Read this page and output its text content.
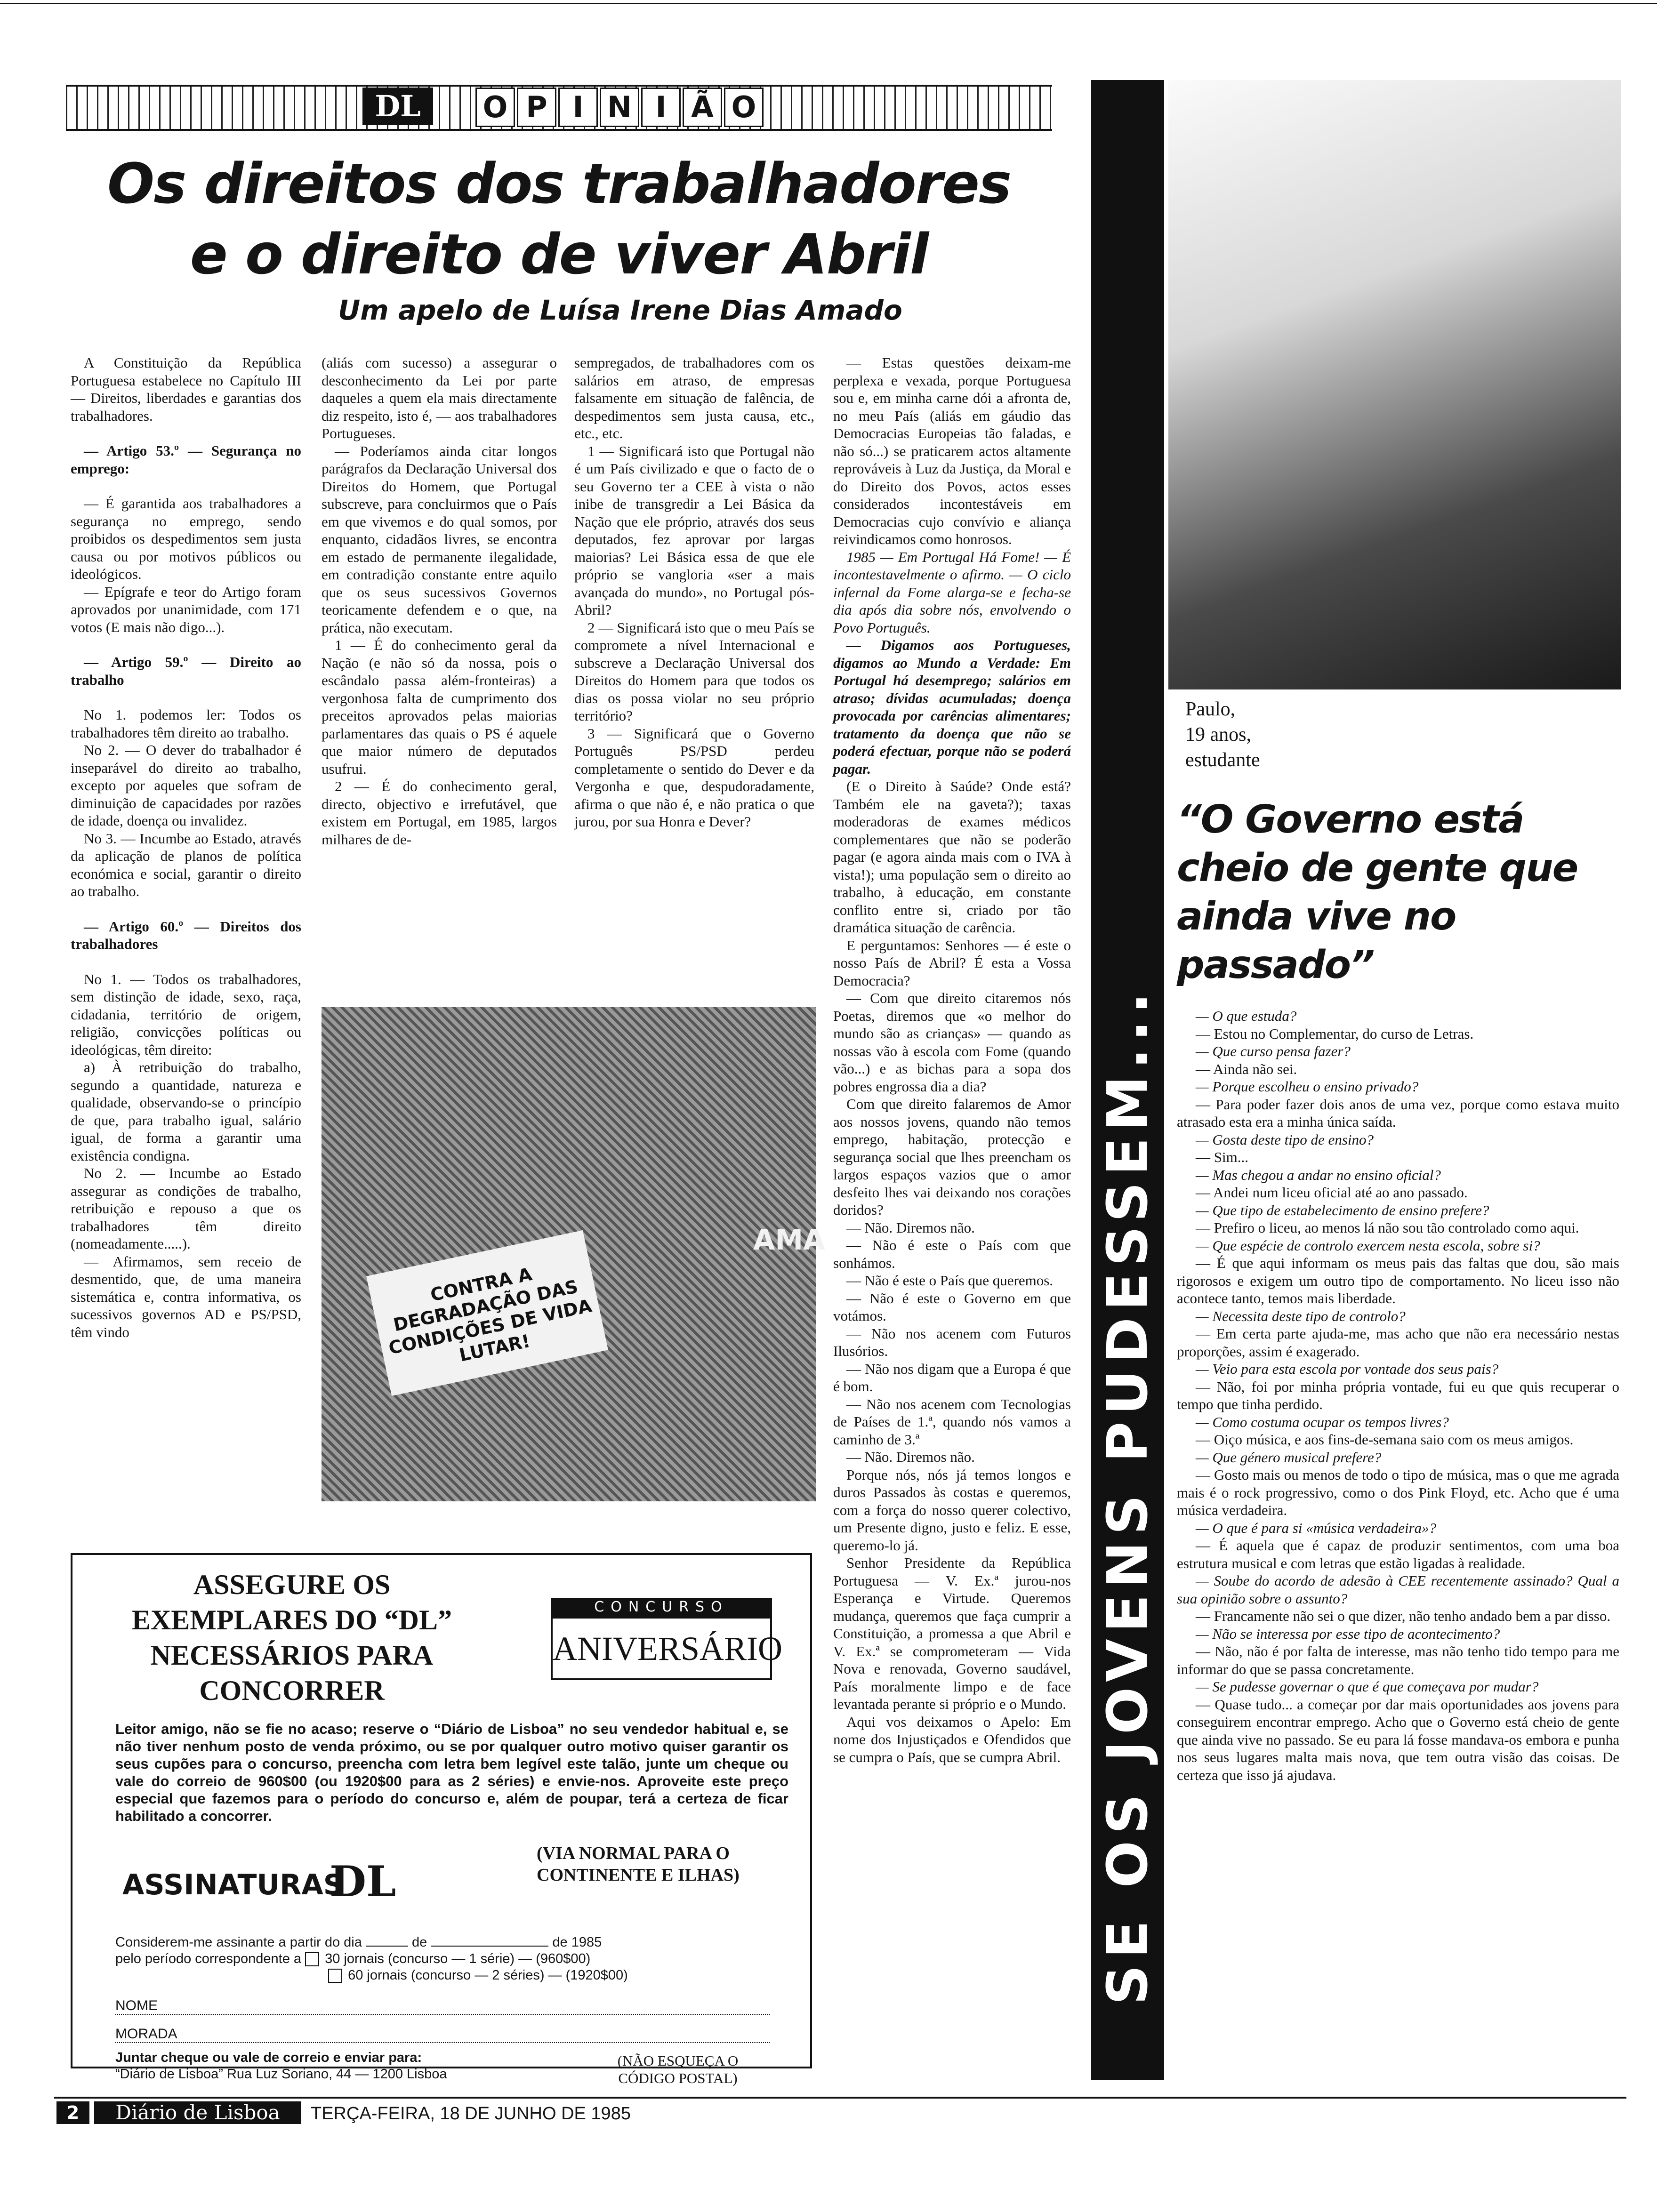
DL	O P I N I Ã O
Os direitos dos trabalhadores
e o direito de viver Abril
Um apelo de Luísa Irene Dias Amado

A Constituição da República Portuguesa estabelece no Capítulo III — Direitos, liberdades e garantias dos trabalhadores.

— Artigo 53.º — Segurança no emprego:

— É garantida aos trabalhadores a segurança no emprego, sendo proibidos os despedimentos sem justa causa ou por motivos públicos ou ideológicos.

— Epígrafe e teor do Artigo foram aprovados por unanimidade, com 171 votos (E mais não digo...).

— Artigo 59.º — Direito ao trabalho

No 1. podemos ler: Todos os trabalhadores têm direito ao trabalho.

No 2. — O dever do trabalhador é inseparável do direito ao trabalho, excepto por aqueles que sofram de diminuição de capacidades por razões de idade, doença ou invalidez.

No 3. — Incumbe ao Estado, através da aplicação de planos de política económica e social, garantir o direito ao trabalho.

— Artigo 60.º — Direitos dos trabalhadores

No 1. — Todos os trabalhadores, sem distinção de idade, sexo, raça, cidadania, território de origem, religião, convicções políticas ou ideológicas, têm direito:

a) À retribuição do trabalho, segundo a quantidade, natureza e qualidade, observando-se o princípio de que, para trabalho igual, salário igual, de forma a garantir uma existência condigna.

No 2. — Incumbe ao Estado assegurar as condições de trabalho, retribuição e repouso a que os trabalhadores têm direito (nomeadamente.....).

— Afirmamos, sem receio de desmentido, que, de uma maneira sistemática e, contra informativa, os sucessivos governos AD e PS/PSD, têm vindo

(aliás com sucesso) a assegurar o desconhecimento da Lei por parte daqueles a quem ela mais directamente diz respeito, isto é, — aos trabalhadores Portugueses.

— Poderíamos ainda citar longos parágrafos da Declaração Universal dos Direitos do Homem, que Portugal subscreve, para concluirmos que o País em que vivemos e do qual somos, por enquanto, cidadãos livres, se encontra em estado de permanente ilegalidade, em contradição constante entre aquilo que os seus sucessivos Governos teoricamente defendem e o que, na prática, não executam.

1 — É do conhecimento geral da Nação (e não só da nossa, pois o escândalo passa além-fronteiras) a vergonhosa falta de cumprimento dos preceitos aprovados pelas maiorias parlamentares das quais o PS é aquele que maior número de deputados usufrui.

2 — É do conhecimento geral, directo, objectivo e irrefutável, que existem em Portugal, em 1985, largos milhares de de-

sempregados, de trabalhadores com os salários em atraso, de empresas falsamente em situação de falência, de despedimentos sem justa causa, etc., etc., etc.

1 — Significará isto que Portugal não é um País civilizado e que o facto de o seu Governo ter a CEE à vista o não inibe de transgredir a Lei Básica da Nação que ele próprio, através dos seus deputados, fez aprovar por largas maiorias? Lei Básica essa de que ele próprio se vangloria «ser a mais avançada do mundo», no Portugal pós-Abril?

2 — Significará isto que o meu País se compromete a nível Internacional e subscreve a Declaração Universal dos Direitos do Homem para que todos os dias os possa violar no seu próprio território?

3 — Significará que o Governo Português PS/PSD perdeu completamente o sentido do Dever e da Vergonha e que, despudoradamente, afirma o que não é, e não pratica o que jurou, por sua Honra e Dever?

CONTRA A DEGRADAÇÃO DAS CONDIÇÕES DE VIDA LUTAR!
AMA

— Estas questões deixam-me perplexa e vexada, porque Portuguesa sou e, em minha carne dói a afronta de, no meu País (aliás em gáudio das Democracias Europeias tão faladas, e não só...) se praticarem actos altamente reprováveis à Luz da Justiça, da Moral e do Direito dos Povos, actos esses considerados incontestáveis em Democracias cujo convívio e aliança reivindicamos como honrosos.

1985 — Em Portugal Há Fome! — É incontestavelmente o afirmo. — O ciclo infernal da Fome alarga-se e fecha-se dia após dia sobre nós, envolvendo o Povo Português.

— Digamos aos Portugueses, digamos ao Mundo a Verdade: Em Portugal há desemprego; salários em atraso; dívidas acumuladas; doença provocada por carências alimentares; tratamento da doença que não se poderá efectuar, porque não se poderá pagar.

(E o Direito à Saúde? Onde está? Também ele na gaveta?); taxas moderadoras de exames médicos complementares que não se poderão pagar (e agora ainda mais com o IVA à vista!); uma população sem o direito ao trabalho, à educação, em constante conflito entre si, criado por tão dramática situação de carência.

E perguntamos: Senhores — é este o nosso País de Abril? É esta a Vossa Democracia?

— Com que direito citaremos nós Poetas, diremos que «o melhor do mundo são as crianças» — quando as nossas vão à escola com Fome (quando vão...) e as bichas para a sopa dos pobres engrossa dia a dia?

Com que direito falaremos de Amor aos nossos jovens, quando não temos emprego, habitação, protecção e segurança social que lhes preencham os largos espaços vazios que o amor desfeito lhes vai deixando nos corações doridos?

— Não. Diremos não.

— Não é este o País com que sonhámos.

— Não é este o País que queremos.

— Não é este o Governo em que votámos.

— Não nos acenem com Futuros Ilusórios.

— Não nos digam que a Europa é que é bom.

— Não nos acenem com Tecnologias de Países de 1.ª, quando nós vamos a caminho de 3.ª

— Não. Diremos não.

Porque nós, nós já temos longos e duros Passados às costas e queremos, com a força do nosso querer colectivo, um Presente digno, justo e feliz. E esse, queremo-lo já.

Senhor Presidente da República Portuguesa — V. Ex.ª jurou-nos Esperança e Virtude. Queremos mudança, queremos que faça cumprir a Constituição, a promessa a que Abril e V. Ex.ª se comprometeram — Vida Nova e renovada, Governo saudável, País moralmente limpo e de face levantada perante si próprio e o Mundo.

Aqui vos deixamos o Apelo: Em nome dos Injustiçados e Ofendidos que se cumpra o País, que se cumpra Abril. SE OS JOVENS PUDESSEM...
Paulo,
19 anos,
estudante
“O Governo está cheio de gente que ainda vive no passado”

— O que estuda?

— Estou no Complementar, do curso de Letras.

— Que curso pensa fazer?

— Ainda não sei.

— Porque escolheu o ensino privado?

— Para poder fazer dois anos de uma vez, porque como estava muito atrasado esta era a minha única saída.

— Gosta deste tipo de ensino?

— Sim...

— Mas chegou a andar no ensino oficial?

— Andei num liceu oficial até ao ano passado.

— Que tipo de estabelecimento de ensino prefere?

— Prefiro o liceu, ao menos lá não sou tão controlado como aqui.

— Que espécie de controlo exercem nesta escola, sobre si?

— É que aqui informam os meus pais das faltas que dou, são mais rigorosos e exigem um outro tipo de comportamento. No liceu isso não acontece tanto, temos mais liberdade.

— Necessita deste tipo de controlo?

— Em certa parte ajuda-me, mas acho que não era necessário nestas proporções, assim é exagerado.

— Veio para esta escola por vontade dos seus pais?

— Não, foi por minha própria vontade, fui eu que quis recuperar o tempo que tinha perdido.

— Como costuma ocupar os tempos livres?

— Oiço música, e aos fins-de-semana saio com os meus amigos.

— Que género musical prefere?

— Gosto mais ou menos de todo o tipo de música, mas o que me agrada mais é o rock progressivo, como o dos Pink Floyd, etc. Acho que é uma música verdadeira.

— O que é para si «música verdadeira»?

— É aquela que é capaz de produzir sentimentos, com uma boa estrutura musical e com letras que estão ligadas à realidade.

— Soube do acordo de adesão à CEE recentemente assinado? Qual a sua opinião sobre o assunto?

— Francamente não sei o que dizer, não tenho andado bem a par disso.

— Não se interessa por esse tipo de acontecimento?

— Não, não é por falta de interesse, mas não tenho tido tempo para me informar do que se passa concretamente.

— Se pudesse governar o que é que começava por mudar?

— Quase tudo... a começar por dar mais oportunidades aos jovens para conseguirem encontrar emprego. Acho que o Governo está cheio de gente que ainda vive no passado. Se eu para lá fosse mandava-os embora e punha nos seus lugares malta mais nova, que tem outra visão das coisas. De certeza que isso já ajudava.

ASSEGURE OS EXEMPLARES DO “DL” NECESSÁRIOS PARA CONCORRER
CONCURSO
ANIVERSÁRIO
Leitor amigo, não se fie no acaso; reserve o “Diário de Lisboa” no seu vendedor habitual e, se não tiver nenhum posto de venda próximo, ou se por qualquer outro motivo quiser garantir os seus cupões para o concurso, preencha com letra bem legível este talão, junte um cheque ou vale do correio de 960$00 (ou 1920$00 para as 2 séries) e envie-nos. Aproveite este preço especial que fazemos para o período do concurso e, além de poupar, terá a certeza de ficar habilitado a concorrer.
ASSINATURAS
DL
(VIA NORMAL PARA O CONTINENTE E ILHAS)
Considerem-me assinante a partir do dia	de	de 1985
pelo período correspondente a 30 jornais (concurso — 1 série) — (960$00)
60 jornais (concurso — 2 séries) — (1920$00)
NOME
MORADA
Juntar cheque ou vale de correio e enviar para:
“Diário de Lisboa” Rua Luz Soriano, 44 — 1200 Lisboa
(NÃO ESQUEÇA O CÓDIGO POSTAL)
2	Diário de Lisboa	TERÇA-FEIRA, 18 DE JUNHO DE 1985
